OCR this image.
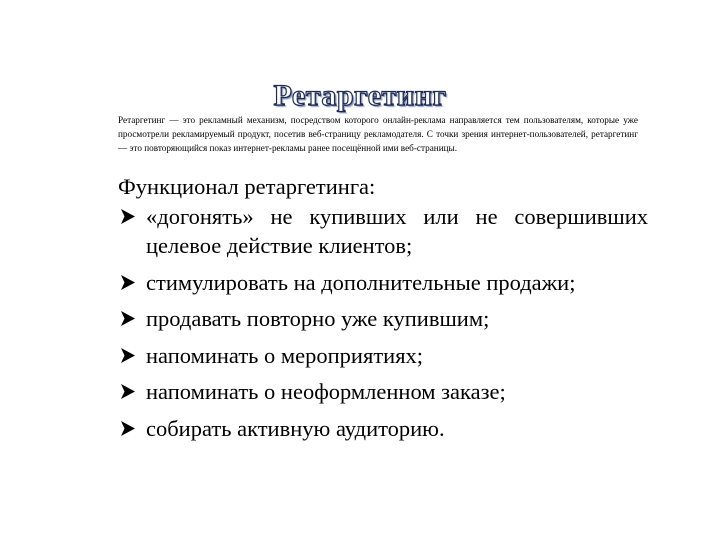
Ретаргетинг
Ретаргетинг — это рекламный механизм, посредством которого онлайн-реклама направляется тем пользователям, которые уже просмотрели рекламируемый продукт, посетив веб-страницу рекламодателя. С точки зрения интернет-пользователей, ретаргетинг — это повторяющийся показ интернет-рекламы ранее посещённой ими веб-страницы.
Функционал ретаргетинга:
«догонять» не купивших или не совершивших целевое действие клиентов;
стимулировать на дополнительные продажи;
продавать повторно уже купившим;
напоминать о мероприятиях;
напоминать о неоформленном заказе;
собирать активную аудиторию.
